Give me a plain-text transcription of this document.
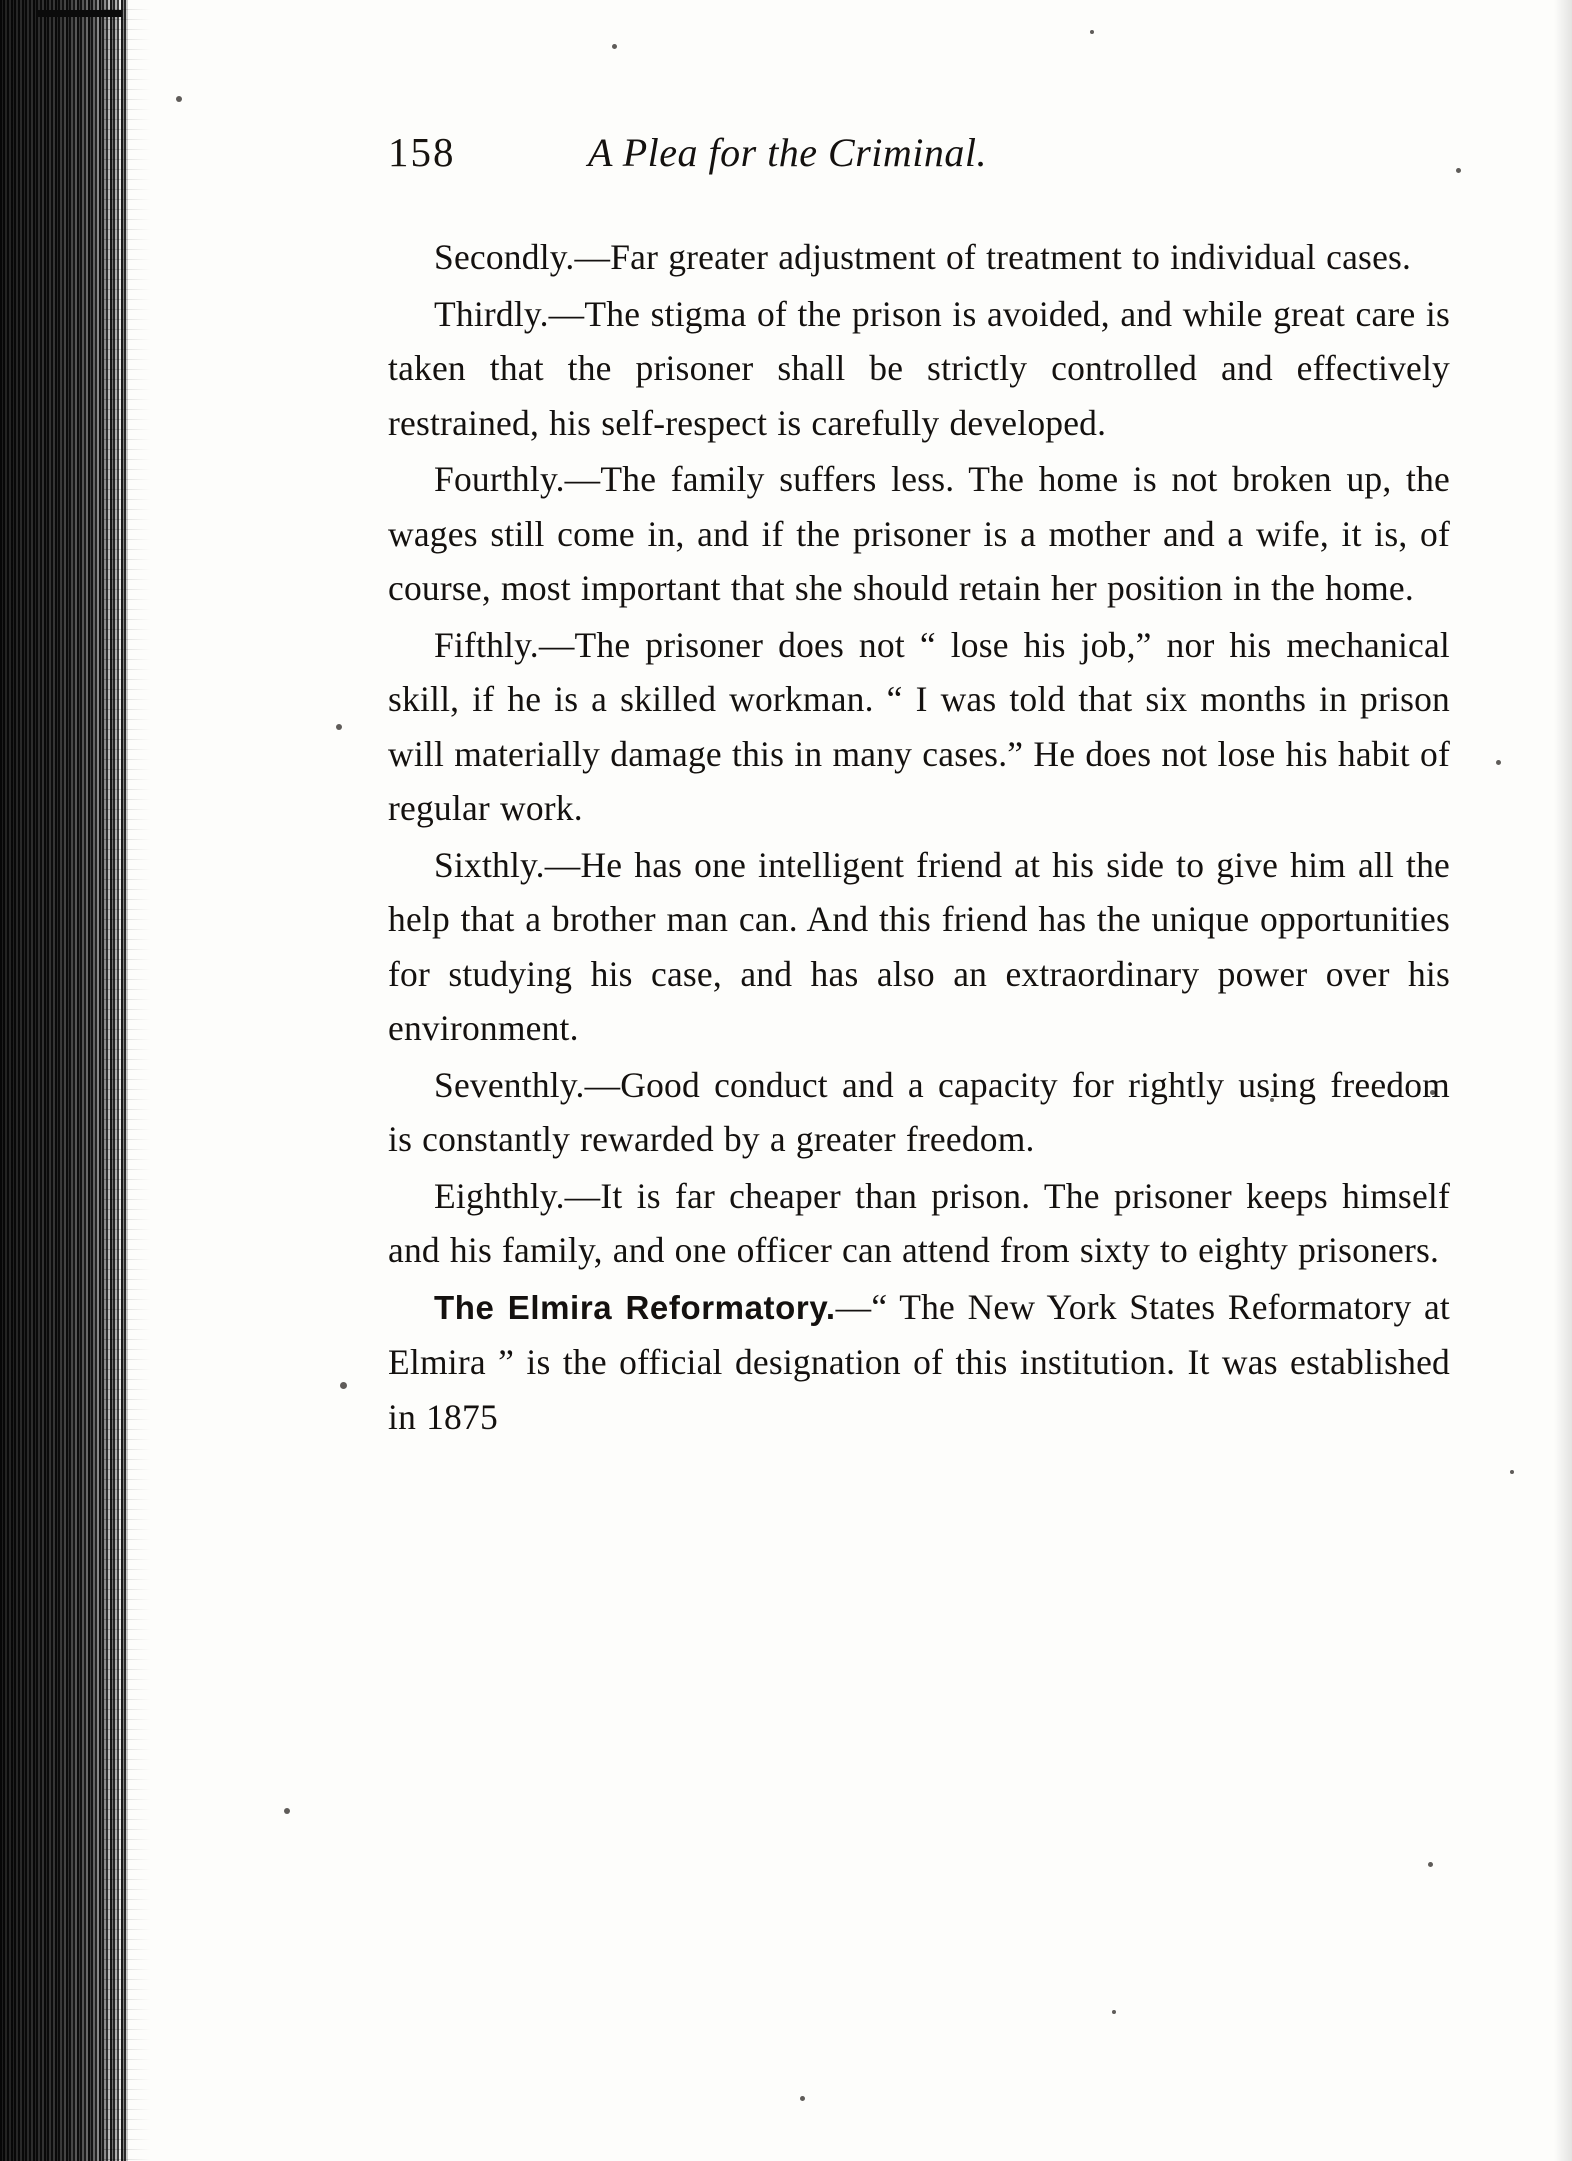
158	A Plea for the Criminal.

Secondly.—Far greater adjustment of treatment to individual cases.

Thirdly.—The stigma of the prison is avoided, and while great care is taken that the prisoner shall be strictly controlled and effectively restrained, his self-respect is carefully developed.

Fourthly.—The family suffers less. The home is not broken up, the wages still come in, and if the prisoner is a mother and a wife, it is, of course, most important that she should retain her position in the home.

Fifthly.—The prisoner does not “ lose his job,” nor his mechanical skill, if he is a skilled workman. “ I was told that six months in prison will materially damage this in many cases.” He does not lose his habit of regular work.

Sixthly.—He has one intelligent friend at his side to give him all the help that a brother man can. And this friend has the unique opportunities for studying his case, and has also an extraordinary power over his environment.

Seventhly.—Good conduct and a capacity for rightly using freedom is constantly rewarded by a greater freedom.

Eighthly.—It is far cheaper than prison. The prisoner keeps himself and his family, and one officer can attend from sixty to eighty prisoners.

The Elmira Reformatory.—“ The New York States Reformatory at Elmira ” is the official designation of this institution. It was established in 1875
